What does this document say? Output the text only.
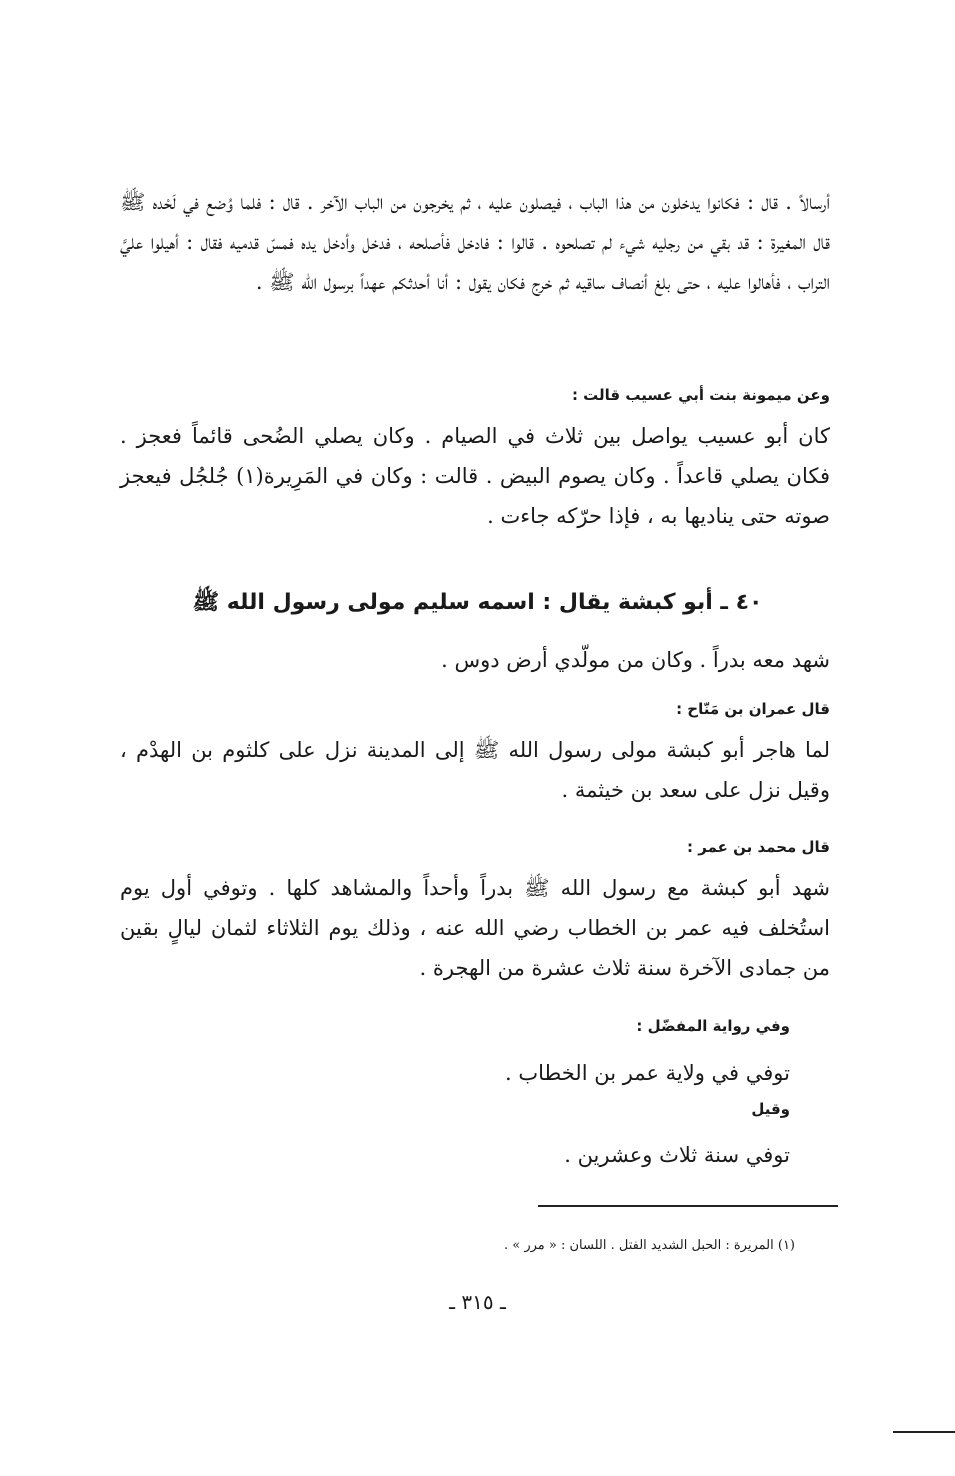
أرسالاً . قال : فكانوا يدخلون من هذا الباب ، فيصلون عليه ، ثم يخرجون من الباب الآخر . قال : فلما وُضع في لَحْده ﷺ قال المغيرة : قد بقي من رجليه شيء لم تصلحوه . قالوا : فادخل فأصلحه ، فدخل وأدخل يده فمسّ قدميه فقال : أهيلوا عليَّ التراب ، فأهالوا عليه ، حتى بلغ أنصاف ساقيه ثم خرج فكان يقول : أنا أحدثكم عهداً برسول الله ﷺ .

وعن ميمونة بنت أبي عسيب قالت :

كان أبو عسيب يواصل بين ثلاث في الصيام . وكان يصلي الضُحى قائماً فعجز . فكان يصلي قاعداً . وكان يصوم البيض . قالت : وكان في المَرِيرة(١) جُلجُل فيعجز صوته حتى يناديها به ، فإذا حرّكه جاءت .

٤٠ ـ أبو كبشة يقال : اسمه سليم مولى رسول الله ﷺ

شهد معه بدراً . وكان من مولّدي أرض دوس .

قال عمران بن مَنّاح :

لما هاجر أبو كبشة مولى رسول الله ﷺ إلى المدينة نزل على كلثوم بن الهدْم ، وقيل نزل على سعد بن خيثمة .

قال محمد بن عمر :

شهد أبو كبشة مع رسول الله ﷺ بدراً وأحداً والمشاهد كلها . وتوفي أول يوم استُخلف فيه عمر بن الخطاب رضي الله عنه ، وذلك يوم الثلاثاء لثمان ليالٍ بقين من جمادى الآخرة سنة ثلاث عشرة من الهجرة .

وفي رواية المفضّل :

توفي في ولاية عمر بن الخطاب .

وقيل

توفي سنة ثلاث وعشرين .

(١) المريرة : الحبل الشديد الفتل . اللسان : « مرر » .

ـ ٣١٥ ـ
